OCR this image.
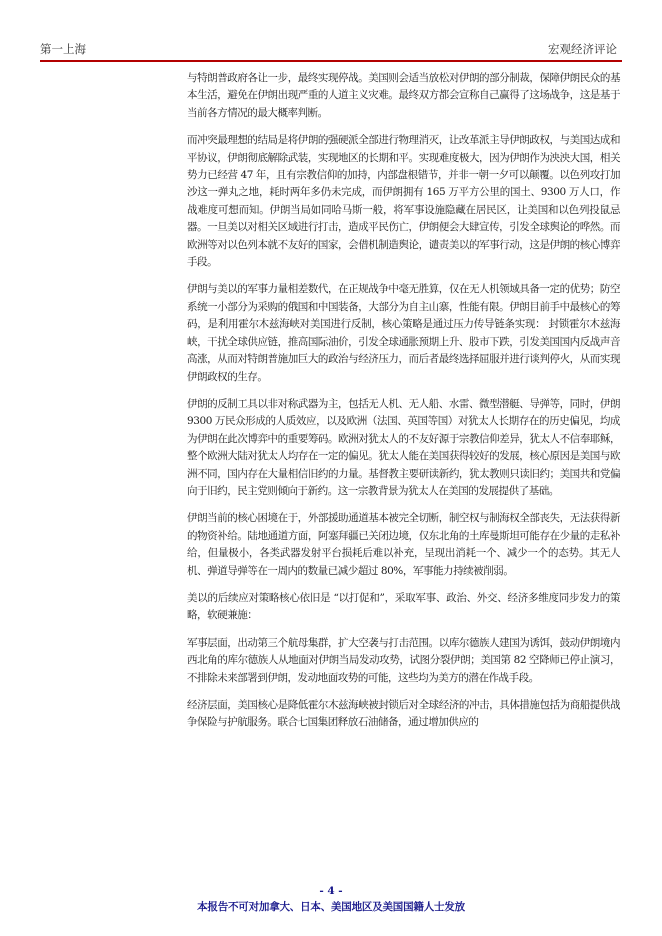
第一上海	宏观经济评论

与特朗普政府各让一步，最终实现停战。美国则会适当放松对伊朗的部分制裁，保障伊朗民众的基本生活，避免在伊朗出现严重的人道主义灾难。最终双方都会宣称自己赢得了这场战争，这是基于当前各方情况的最大概率判断。

而冲突最理想的结局是将伊朗的强硬派全部进行物理消灭，让改革派主导伊朗政权，与美国达成和平协议，伊朗彻底解除武装，实现地区的长期和平。实现难度极大，因为伊朗作为泱泱大国，相关势力已经营 47 年，且有宗教信仰的加持，内部盘根错节，并非一朝一夕可以颠覆。以色列攻打加沙这一弹丸之地，耗时两年多仍未完成，而伊朗拥有 165 万平方公里的国土、9300 万人口，作战难度可想而知。伊朗当局如同哈马斯一般，将军事设施隐藏在居民区，让美国和以色列投鼠忌器。一旦美以对相关区域进行打击，造成平民伤亡，伊朗便会大肆宣传，引发全球舆论的哗然。而欧洲等对以色列本就不友好的国家，会借机制造舆论，谴责美以的军事行动，这是伊朗的核心博弈手段。

伊朗与美以的军事力量相差数代，在正规战争中毫无胜算，仅在无人机领域具备一定的优势；防空系统一小部分为采购的俄国和中国装备，大部分为自主山寨，性能有限。伊朗目前手中最核心的筹码，是利用霍尔木兹海峡对美国进行反制，核心策略是通过压力传导链条实现： 封锁霍尔木兹海峡，干扰全球供应链，推高国际油价，引发全球通胀预期上升、股市下跌，引发美国国内反战声音高涨，从而对特朗普施加巨大的政治与经济压力，而后者最终选择屈服并进行谈判停火，从而实现伊朗政权的生存。

伊朗的反制工具以非对称武器为主，包括无人机、无人船、水雷、微型潜艇、导弹等，同时，伊朗 9300 万民众形成的人质效应，以及欧洲（法国、英国等国）对犹太人长期存在的历史偏见，均成为伊朗在此次博弈中的重要筹码。欧洲对犹太人的不友好源于宗教信仰差异，犹太人不信奉耶稣，整个欧洲大陆对犹太人均存在一定的偏见。犹太人能在美国获得较好的发展，核心原因是美国与欧洲不同，国内存在大量相信旧约的力量。基督教主要研读新约，犹太教则只读旧约；美国共和党偏向于旧约，民主党则倾向于新约。这一宗教背景为犹太人在美国的发展提供了基础。

伊朗当前的核心困境在于，外部援助通道基本被完全切断，制空权与制海权全部丧失，无法获得新的物资补给。陆地通道方面，阿塞拜疆已关闭边境，仅东北角的土库曼斯坦可能存在少量的走私补给，但量极小，各类武器发射平台损耗后难以补充，呈现出消耗一个、减少一个的态势。其无人机、弹道导弹等在一周内的数量已减少超过 80%，军事能力持续被削弱。

美以的后续应对策略核心依旧是 “以打促和”，采取军事、政治、外交、经济多维度同步发力的策略，软硬兼施：

军事层面，出动第三个航母集群，扩大空袭与打击范围。以库尔德族人建国为诱饵，鼓动伊朗境内西北角的库尔德族人从地面对伊朗当局发动攻势，试图分裂伊朗；美国第 82 空降师已停止演习，不排除未来部署到伊朗，发动地面攻势的可能，这些均为美方的潜在作战手段。

经济层面，美国核心是降低霍尔木兹海峡被封锁后对全球经济的冲击，具体措施包括为商船提供战争保险与护航服务。联合七国集团释放石油储备，通过增加供应的

- 4 -
本报告不可对加拿大、日本、美国地区及美国国籍人士发放
